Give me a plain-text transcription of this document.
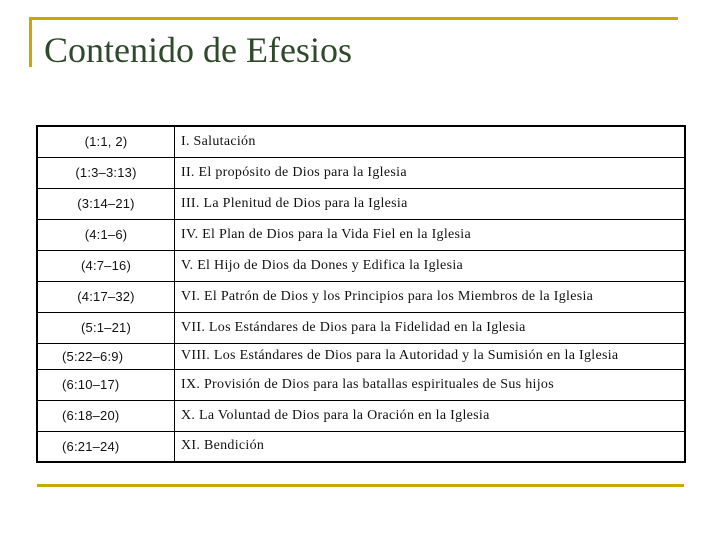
Contenido de Efesios
(1:1, 2)	I. Salutación
(1:3–3:13)	II. El propósito de Dios para la Iglesia
(3:14–21)	III. La Plenitud de Dios para la Iglesia
(4:1–6)	IV. El Plan de Dios para la Vida Fiel en la Iglesia
(4:7–16)	V. El Hijo de Dios da Dones y Edifica la Iglesia
(4:17–32)	VI. El Patrón de Dios y los Principios para los Miembros de la Iglesia
(5:1–21)	VII. Los Estándares de Dios para la Fidelidad en la Iglesia
(5:22–6:9)	VIII. Los Estándares de Dios para la Autoridad y la Sumisión en la Iglesia
(6:10–17)	IX. Provisión de Dios para las batallas espirituales de Sus hijos
(6:18–20)	X. La Voluntad de Dios para la Oración en la Iglesia
(6:21–24)	XI. Bendición
